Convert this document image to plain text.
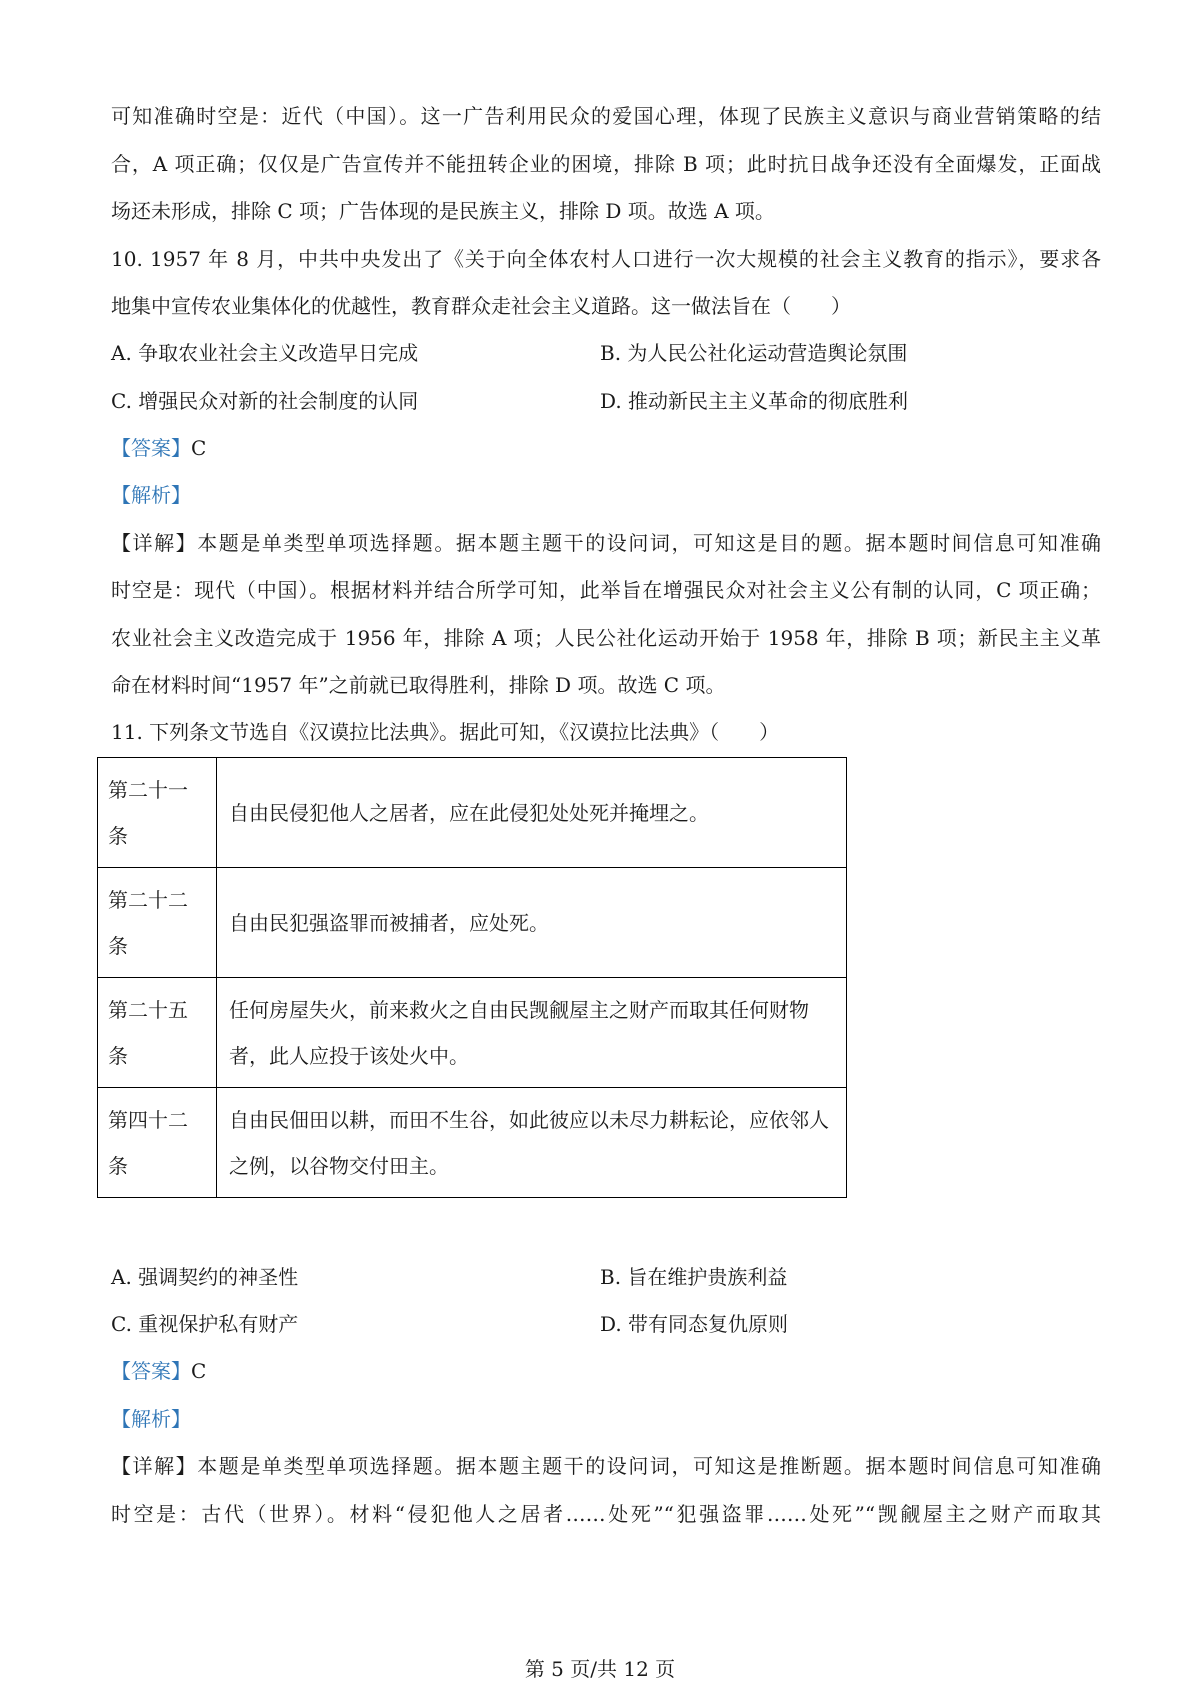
可知准确时空是：近代（中国）。这一广告利用民众的爱国心理，体现了民族主义意识与商业营销策略的结
合，A 项正确；仅仅是广告宣传并不能扭转企业的困境，排除 B 项；此时抗日战争还没有全面爆发，正面战
场还未形成，排除 C 项；广告体现的是民族主义，排除 D 项。故选 A 项。
10. 1957 年 8 月，中共中央发出了《关于向全体农村人口进行一次大规模的社会主义教育的指示》，要求各
地集中宣传农业集体化的优越性，教育群众走社会主义道路。这一做法旨在（　　）
A. 争取农业社会主义改造早日完成	B. 为人民公社化运动营造舆论氛围
C. 增强民众对新的社会制度的认同	D. 推动新民主主义革命的彻底胜利
【答案】C
【解析】
【详解】本题是单类型单项选择题。据本题主题干的设问词，可知这是目的题。据本题时间信息可知准确
时空是：现代（中国）。根据材料并结合所学可知，此举旨在增强民众对社会主义公有制的认同，C 项正确；
农业社会主义改造完成于 1956 年，排除 A 项；人民公社化运动开始于 1958 年，排除 B 项；新民主主义革
命在材料时间“1957 年”之前就已取得胜利，排除 D 项。故选 C 项。
11. 下列条文节选自《汉谟拉比法典》。据此可知，《汉谟拉比法典》（　　）
第二十一条	自由民侵犯他人之居者，应在此侵犯处处死并掩埋之。
第二十二条	自由民犯强盗罪而被捕者，应处死。
第二十五条	任何房屋失火，前来救火之自由民觊觎屋主之财产而取其任何财物者，此人应投于该处火中。
第四十二条	自由民佃田以耕，而田不生谷，如此彼应以未尽力耕耘论，应依邻人之例，以谷物交付田主。
A. 强调契约的神圣性	B. 旨在维护贵族利益
C. 重视保护私有财产	D. 带有同态复仇原则
【答案】C
【解析】
【详解】本题是单类型单项选择题。据本题主题干的设问词，可知这是推断题。据本题时间信息可知准确
时空是：古代（世界）。材料“侵犯他人之居者……处死”“犯强盗罪……处死”“觊觎屋主之财产而取其
第 5 页/共 12 页
